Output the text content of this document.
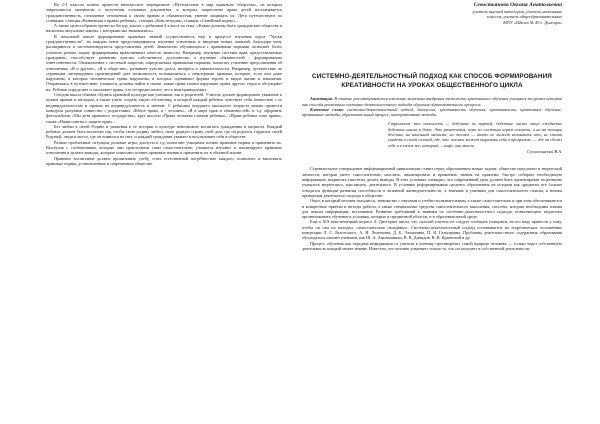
Во 2-3 классах можно провести внеклассное мероприятие «Путешествие в мир правового общества», на котором закрепляются материалы о получении основных документов, в которых закреплены права детей воспитывается гражданственность, отношение отношении к своим правам и обязанностям, умение защищать их. Дети путешествуют по станциям: станция «Конвенция о правах ребенка», станция «Конституция», станция «Семейный кодекс»…

А также целесообразно провести беседу диалог с ребятами 4 класса на тему: «Какие должны быть гражданские общества и насколько актуальны законы, с которыми мы знакомились».

В начальной школе формирование правовых знаний осуществляется еще в процессе изучения курса "Уроки гражданственности", на каждом этапе предусматривается изучение усвоенных и введение новых понятий, благодаря чему расширяются и систематизируются представления детей. Знакомство обучающихся с правовыми нормами позволяет более успешно решать задачу формирования нравственных качеств личности. Например, изучение системы прав, предоставляемых гражданам, способствует развитию чувства собственного достоинства, а изучение обязанностей - формированию ответственности. Ознакомление с системой запретов, определяемых правовыми нормами, помогает усвоению представления об отношениях «Я и другие», «Я и общество», развивает чувство долга, интереса и уважительности. Например, путешествие по страницам литературных произведений дает возможность познакомиться с некоторыми правами, которые, если они даже нарушены, в которых человеческие права нарушены, в которых оценивают формы героев и видов жизни и наказания. Отправляясь в путешествие, учащиеся должны найти в сказке, какие права сказки нарушают права другого героя и обсуждают их. Ребенок определяет и описывает права, что он предполагает, что к ним принадлежит.

Сегодня школа обязана обучить правовой культуре как учеников, так и родителей. Учитель должен формировать уважение к чужим правам и взглядам, а также учить создать такую обстановку, в которой каждый ребенок чувствует себя личностью с ее индивидуальностью и правом на индивидуальность и мнение. С ребятами младшего школьного возраста можно провести конкурсы рисунков совместно с родителями: «Юное право, я - человек», «Я в мире прав и обязанностей» и т.д. оформить фотоальбомы «Мы дети правового государства», круг высоты «Права человека глазами ребенка», «Права ребенка тоже права», также «Наши советы о защите прав»...

Без любви к своей Родине и уважения к ее истории и культуре невозможно воспитать гражданина и патриота. Каждый ребенок должен быть воспитан так, чтобы свою родину любил, свою родную страну, свой дом, где он родился, гордился своей Родиной, люди и место, где он появился на свет, и каждый гражданин уважает и воспитывает себя в обществе.

Разные проблемные ситуации, ролевые игры, диспуты и т.д. помогают учащимся понять правовые нормы и применить их. Выступая с сообщениями, которые они приготовили сами самостоятельно, учащиеся изучают и анализируют правовые отношения и делают выводы, которые помогают понять правовые знания и применить их в обычной жизни.

Правовое воспитание должно пронизывать учебу, стать естественной потребностью каждого, позволить и выполнять правовые нормы, установленные в современном обществе.

Севостьянова Оксана Анатольевна
учитель высшей категории, учитель начальных
классов, учитель общеобразовательных
МОУ «Школа № 49 г. Донецка»
СИСТЕМНО-ДЕЯТЕЛЬНОСТНЫЙ ПОДХОД КАК СПОСОБ ФОРМИРОВАНИЯ КРЕАТИВНОСТИ НА УРОКАХ ОБЩЕСТВЕННОГО ЦИКЛА

Аннотация. В статье рассматриваются ключевые моменты внедрения технологии креативного обучения учащихся на уроках истории как способа реализации системно-деятельностного подхода обучения образовательного процесса.

Ключевые слова: системно-деятельностный подход, дискуссия, креативность обучения, креативность, креативное обучение, креативные методы, образовательный процесс, интерактивные методы.

Стремление эта опасность — бедствие за партой; бедствие часто чаще ежедневно бедствие школа и дома. Это развлечения, игра по сложным играм человека, а не на позиции бегства, на школьной мешалке, но человек — ничто не может вспомнить что, не стоит увидеть в своей головой, где, что человек может выразить себя в программе, — где он сделал себе и в своем же, который — кофе, как мысли.
Сухомлинский В.А.

Стремительное утверждение информационной цивилизации ставит перед образованием новые задачи: общество предлагает в творческий личности, которая умеет самостоятельно мыслить, анализировать и применять знания на практике, быстро собирать необходимую информацию, выдвигать гипотезы, делать выводы. В этих условиях очевидно, что современный урок должен быть ориентирован на развитие учащихся творческого, мыслящего, деятельного. В условиях реформирования среднего образования не истории как предметы всё больше отводится функции развития способности к активной жизнедеятельности, к знаниям и умениям для самостоятельного поиска, к новым принципам деятельного подхода в обществе.

Опыт, в который человек находится, знакомство с научным и учебно-познавательным, а также самостоятельно и при этом обеспечиваются и конкретные приёмы и методы работы, а также специальные средства самостоятельного мышления, способы, которые необходимы знания для поиска информации, источников. Развитие требований к знаниям по системно-деятельностного подхода, позволяющего педагогам организовывать обучение в условиях, которые и предметной области, и в образовательной среде.

Еще к XIX веке немецкий педагог А. Дистервег писал, что «плохой учитель не следует сообщать учащимся, но его надо привести к тому, чтобы он сам их находил, самостоятельно овладевал». Системно-деятельностный подход основывается на теоретических положениях концепции Л. С. Выготского, А. Н. Леонтьева, Д. Б. Эльконина, П. Я. Гальперина. Проблемы деятельностного содержания образования обсуждались такими учеными, как Ш. А. Амонашвили, В. В. Давыдов, В. В. Краевский и др.

Процесс обучения как передача информации от учителя к ученику противоречит самой природе человека — только через собственную деятельность каждый может знание. Известно, что человек усваивает только то, что он получает в собственной деятельности.
